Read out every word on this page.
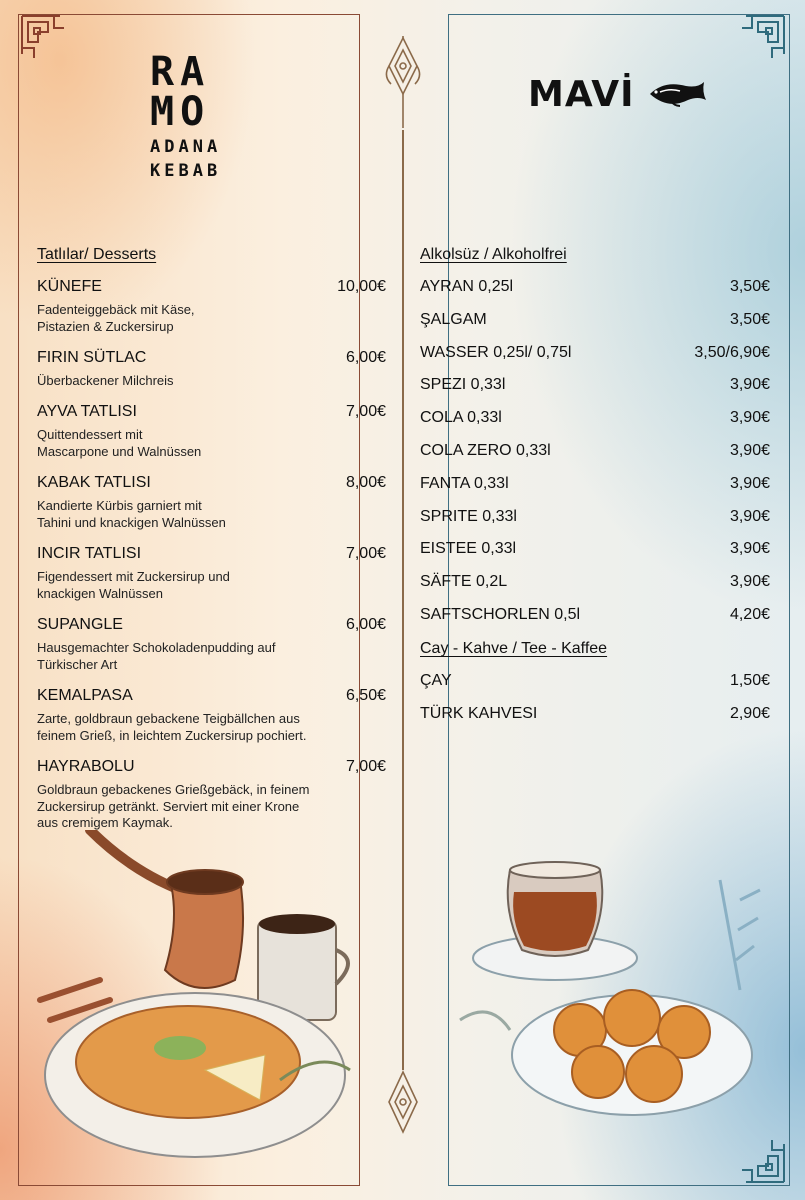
RA
MO
ADANA
KEBAB
MAVİ
Tatlılar/ Desserts
KÜNEFE	10,00€
Fadenteiggebäck mit Käse,
Pistazien & Zuckersirup
FIRIN SÜTLAC	6,00€
Überbackener Milchreis
AYVA TATLISI	7,00€
Quittendessert mit
Mascarpone und Walnüssen
KABAK TATLISI	8,00€
Kandierte Kürbis garniert mit
Tahini und knackigen Walnüssen
INCIR TATLISI	7,00€
Figendessert mit Zuckersirup und
knackigen Walnüssen
SUPANGLE	6,00€
Hausgemachter Schokoladenpudding auf
Türkischer Art
KEMALPASA	6,50€
Zarte, goldbraun gebackene Teigbällchen aus
feinem Grieß, in leichtem Zuckersirup pochiert.
HAYRABOLU	7,00€
Goldbraun gebackenes Grießgebäck, in feinem
Zuckersirup getränkt. Serviert mit einer Krone
aus cremigem Kaymak.
Alkolsüz / Alkoholfrei
AYRAN 0,25l	3,50€
ŞALGAM	3,50€
WASSER 0,25l/ 0,75l	3,50/6,90€
SPEZI 0,33l	3,90€
COLA 0,33l	3,90€
COLA ZERO 0,33l	3,90€
FANTA 0,33l	3,90€
SPRITE 0,33l	3,90€
EISTEE 0,33l	3,90€
SÄFTE 0,2L	3,90€
SAFTSCHORLEN 0,5l	4,20€
Cay - Kahve / Tee - Kaffee
ÇAY	1,50€
TÜRK KAHVESI	2,90€
